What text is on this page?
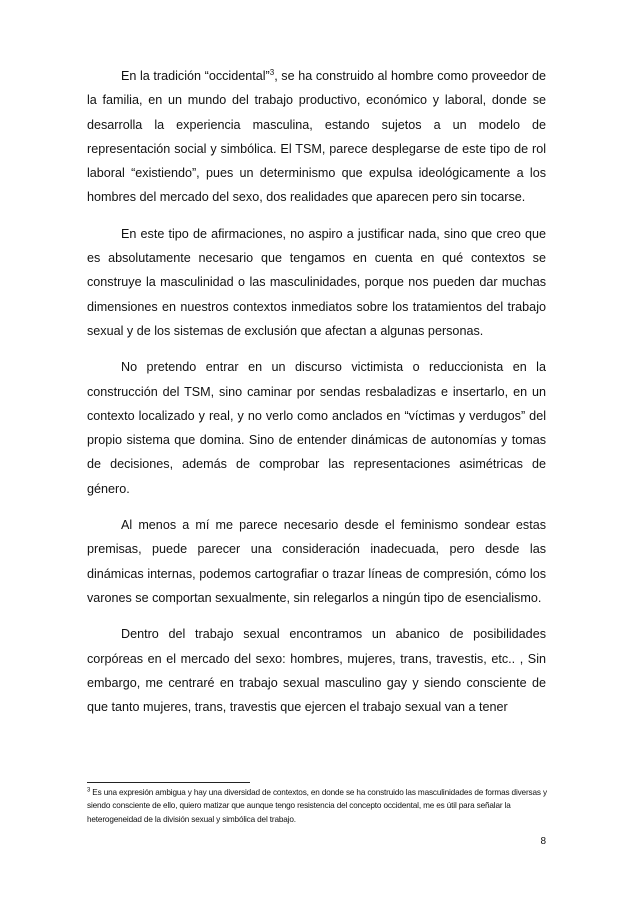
En la tradición “occidental”$^3$, se ha construido al hombre como proveedor de la familia, en un mundo del trabajo productivo, económico y laboral, donde se desarrolla la experiencia masculina, estando sujetos a un modelo de representación social y simbólica. El TSM, parece desplegarse de este tipo de rol laboral “existiendo”, pues un determinismo que expulsa ideológicamente a los hombres del mercado del sexo, dos realidades que aparecen pero sin tocarse.

En este tipo de afirmaciones, no aspiro a justificar nada, sino que creo que es absolutamente necesario que tengamos en cuenta en qué contextos se construye la masculinidad o las masculinidades, porque nos pueden dar muchas dimensiones en nuestros contextos inmediatos sobre los tratamientos del trabajo sexual y de los sistemas de exclusión que afectan a algunas personas.

No pretendo entrar en un discurso victimista o reduccionista en la construcción del TSM, sino caminar por sendas resbaladizas e insertarlo, en un contexto localizado y real, y no verlo como anclados en “víctimas y verdugos” del propio sistema que domina. Sino de entender dinámicas de autonomías y tomas de decisiones, además de comprobar las representaciones asimétricas de género.

Al menos a mí me parece necesario desde el feminismo sondear estas premisas, puede parecer una consideración inadecuada, pero desde las dinámicas internas, podemos cartografiar o trazar líneas de compresión, cómo los varones se comportan sexualmente, sin relegarlos a ningún tipo de esencialismo.

Dentro del trabajo sexual encontramos un abanico de posibilidades corpóreas en el mercado del sexo: hombres, mujeres, trans, travestis, etc.. , Sin embargo, me centraré en trabajo sexual masculino gay y siendo consciente de que tanto mujeres, trans, travestis que ejercen el trabajo sexual van a tener

$^3$ Es una expresión ambigua y hay una diversidad de contextos, en donde se ha construido las masculinidades de formas diversas y siendo consciente de ello, quiero matizar que aunque tengo resistencia del concepto occidental, me es útil para señalar la heterogeneidad de la división sexual y simbólica del trabajo.

8
